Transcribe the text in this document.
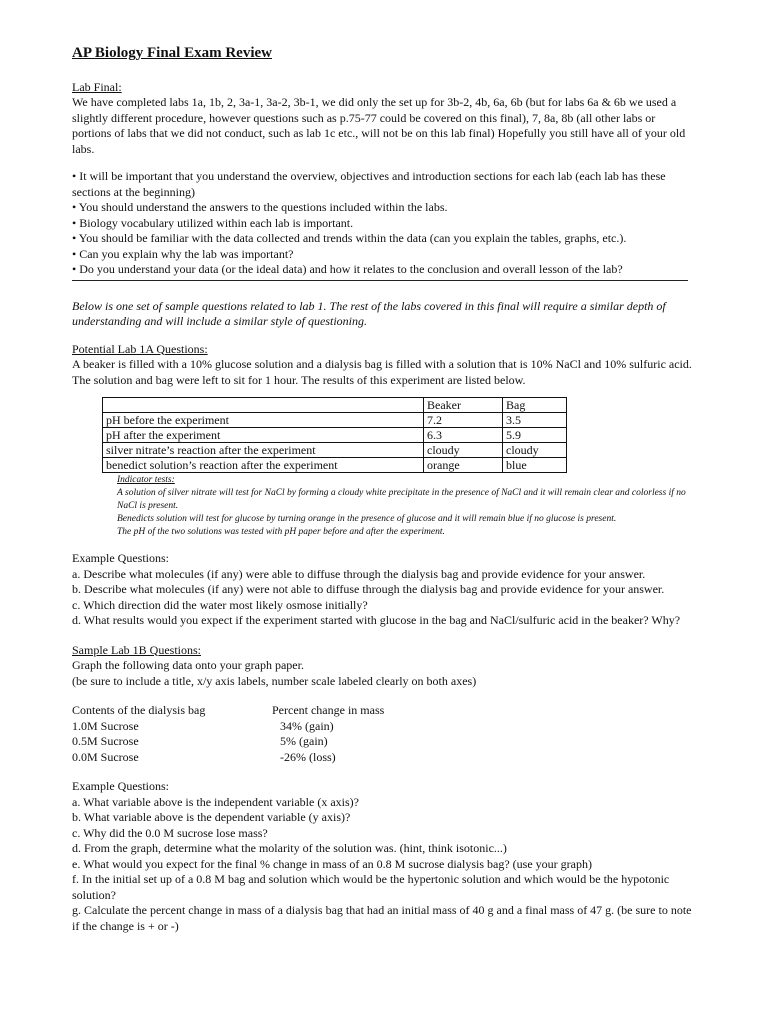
AP Biology Final Exam Review
Lab Final:

We have completed labs 1a, 1b, 2, 3a-1, 3a-2, 3b-1, we did only the set up for 3b-2, 4b, 6a, 6b (but for labs 6a & 6b we used a slightly different procedure, however questions such as p.75-77 could be covered on this final), 7, 8a, 8b (all other labs or portions of labs that we did not conduct, such as lab 1c etc., will not be on this lab final) Hopefully you still have all of your old labs.

• It will be important that you understand the overview, objectives and introduction sections for each lab (each lab has these sections at the beginning)
• You should understand the answers to the questions included within the labs.
• Biology vocabulary utilized within each lab is important.
• You should be familiar with the data collected and trends within the data (can you explain the tables, graphs, etc.).
• Can you explain why the lab was important?
• Do you understand your data (or the ideal data) and how it relates to the conclusion and overall lesson of the lab?

Below is one set of sample questions related to lab 1. The rest of the labs covered in this final will require a similar depth of understanding and will include a similar style of questioning.

Potential Lab 1A Questions:

A beaker is filled with a 10% glucose solution and a dialysis bag is filled with a solution that is 10% NaCl and 10% sulfuric acid. The solution and bag were left to sit for 1 hour. The results of this experiment are listed below.

	Beaker	Bag
pH before the experiment	7.2	3.5
pH after the experiment	6.3	5.9
silver nitrate’s reaction after the experiment	cloudy	cloudy
benedict solution’s reaction after the experiment	orange	blue
Indicator tests:
A solution of silver nitrate will test for NaCl by forming a cloudy white precipitate in the presence of NaCl and it will remain clear and colorless if no NaCl is present.
Benedicts solution will test for glucose by turning orange in the presence of glucose and it will remain blue if no glucose is present.
The pH of the two solutions was tested with pH paper before and after the experiment.
Example Questions:
a. Describe what molecules (if any) were able to diffuse through the dialysis bag and provide evidence for your answer.
b. Describe what molecules (if any) were not able to diffuse through the dialysis bag and provide evidence for your answer.
c. Which direction did the water most likely osmose initially?
d. What results would you expect if the experiment started with glucose in the bag and NaCl/sulfuric acid in the beaker? Why?
Sample Lab 1B Questions:
Graph the following data onto your graph paper.
(be sure to include a title, x/y axis labels, number scale labeled clearly on both axes)
Contents of the dialysis bag	Percent change in mass
1.0M Sucrose	34% (gain)
0.5M Sucrose	5% (gain)
0.0M Sucrose	-26% (loss)
Example Questions:
a. What variable above is the independent variable (x axis)?
b. What variable above is the dependent variable (y axis)?
c. Why did the 0.0 M sucrose lose mass?
d. From the graph, determine what the molarity of the solution was. (hint, think isotonic...)
e. What would you expect for the final % change in mass of an 0.8 M sucrose dialysis bag? (use your graph)
f. In the initial set up of a 0.8 M bag and solution which would be the hypertonic solution and which would be the hypotonic solution?
g. Calculate the percent change in mass of a dialysis bag that had an initial mass of 40 g and a final mass of 47 g. (be sure to note if the change is + or -)
